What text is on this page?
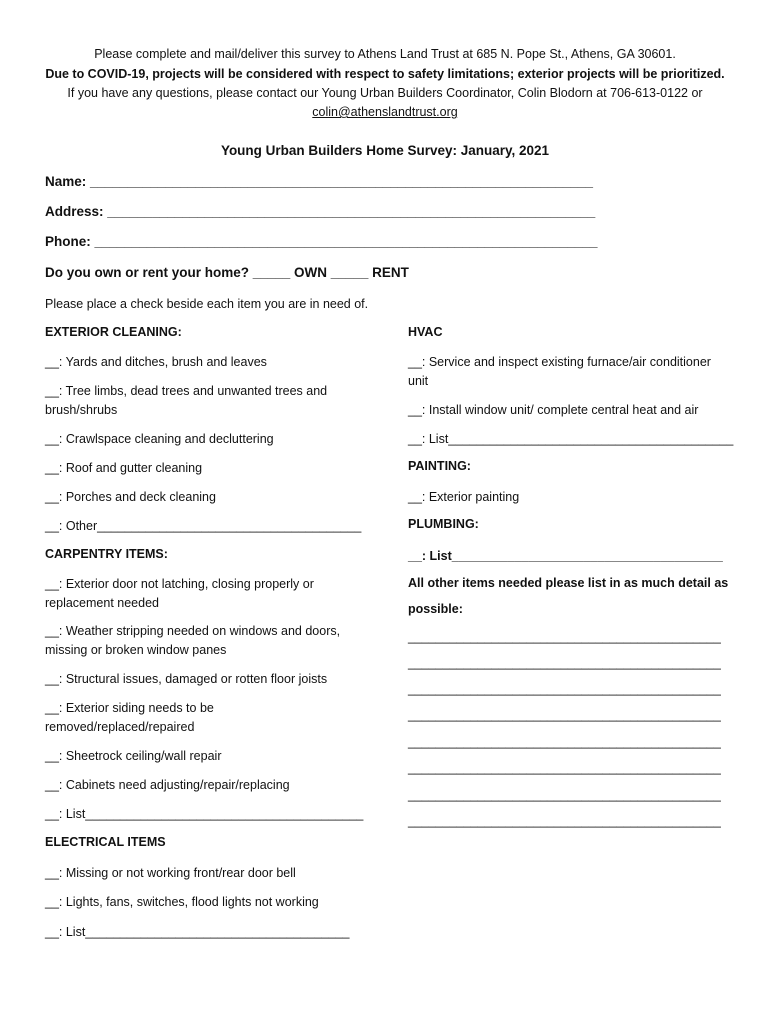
Please complete and mail/deliver this survey to Athens Land Trust at 685 N. Pope St., Athens, GA 30601.
Due to COVID-19, projects will be considered with respect to safety limitations; exterior projects will be prioritized.
If you have any questions, please contact our Young Urban Builders Coordinator, Colin Blodorn at 706-613-0122 or
colin@athenslandtrust.org
Young Urban Builders Home Survey: January, 2021
Name: ___________________________________________________________________
Address: _________________________________________________________________
Phone: ___________________________________________________________________
Do you own or rent your home? _____ OWN _____ RENT
Please place a check beside each item you are in need of.
EXTERIOR CLEANING:
__: Yards and ditches, brush and leaves
__: Tree limbs, dead trees and unwanted trees and brush/shrubs
__: Crawlspace cleaning and decluttering
__: Roof and gutter cleaning
__: Porches and deck cleaning
__: Other______________________________________
CARPENTRY ITEMS:
__: Exterior door not latching, closing properly or replacement needed
__: Weather stripping needed on windows and doors, missing or broken window panes
__: Structural issues, damaged or rotten floor joists
__: Exterior siding needs to be removed/replaced/repaired
__: Sheetrock ceiling/wall repair
__: Cabinets need adjusting/repair/replacing
__: List________________________________________
ELECTRICAL ITEMS
__: Missing or not working front/rear door bell
__: Lights, fans, switches, flood lights not working
__: List______________________________________
HVAC
__: Service and inspect existing furnace/air conditioner unit
__: Install window unit/ complete central heat and air
__: List_________________________________________
PAINTING:
__: Exterior painting
PLUMBING:
__: List_______________________________________
All other items needed please list in as much detail as
possible:
_____________________________________________
_____________________________________________
_____________________________________________
_____________________________________________
_____________________________________________
_____________________________________________
_____________________________________________
_____________________________________________
